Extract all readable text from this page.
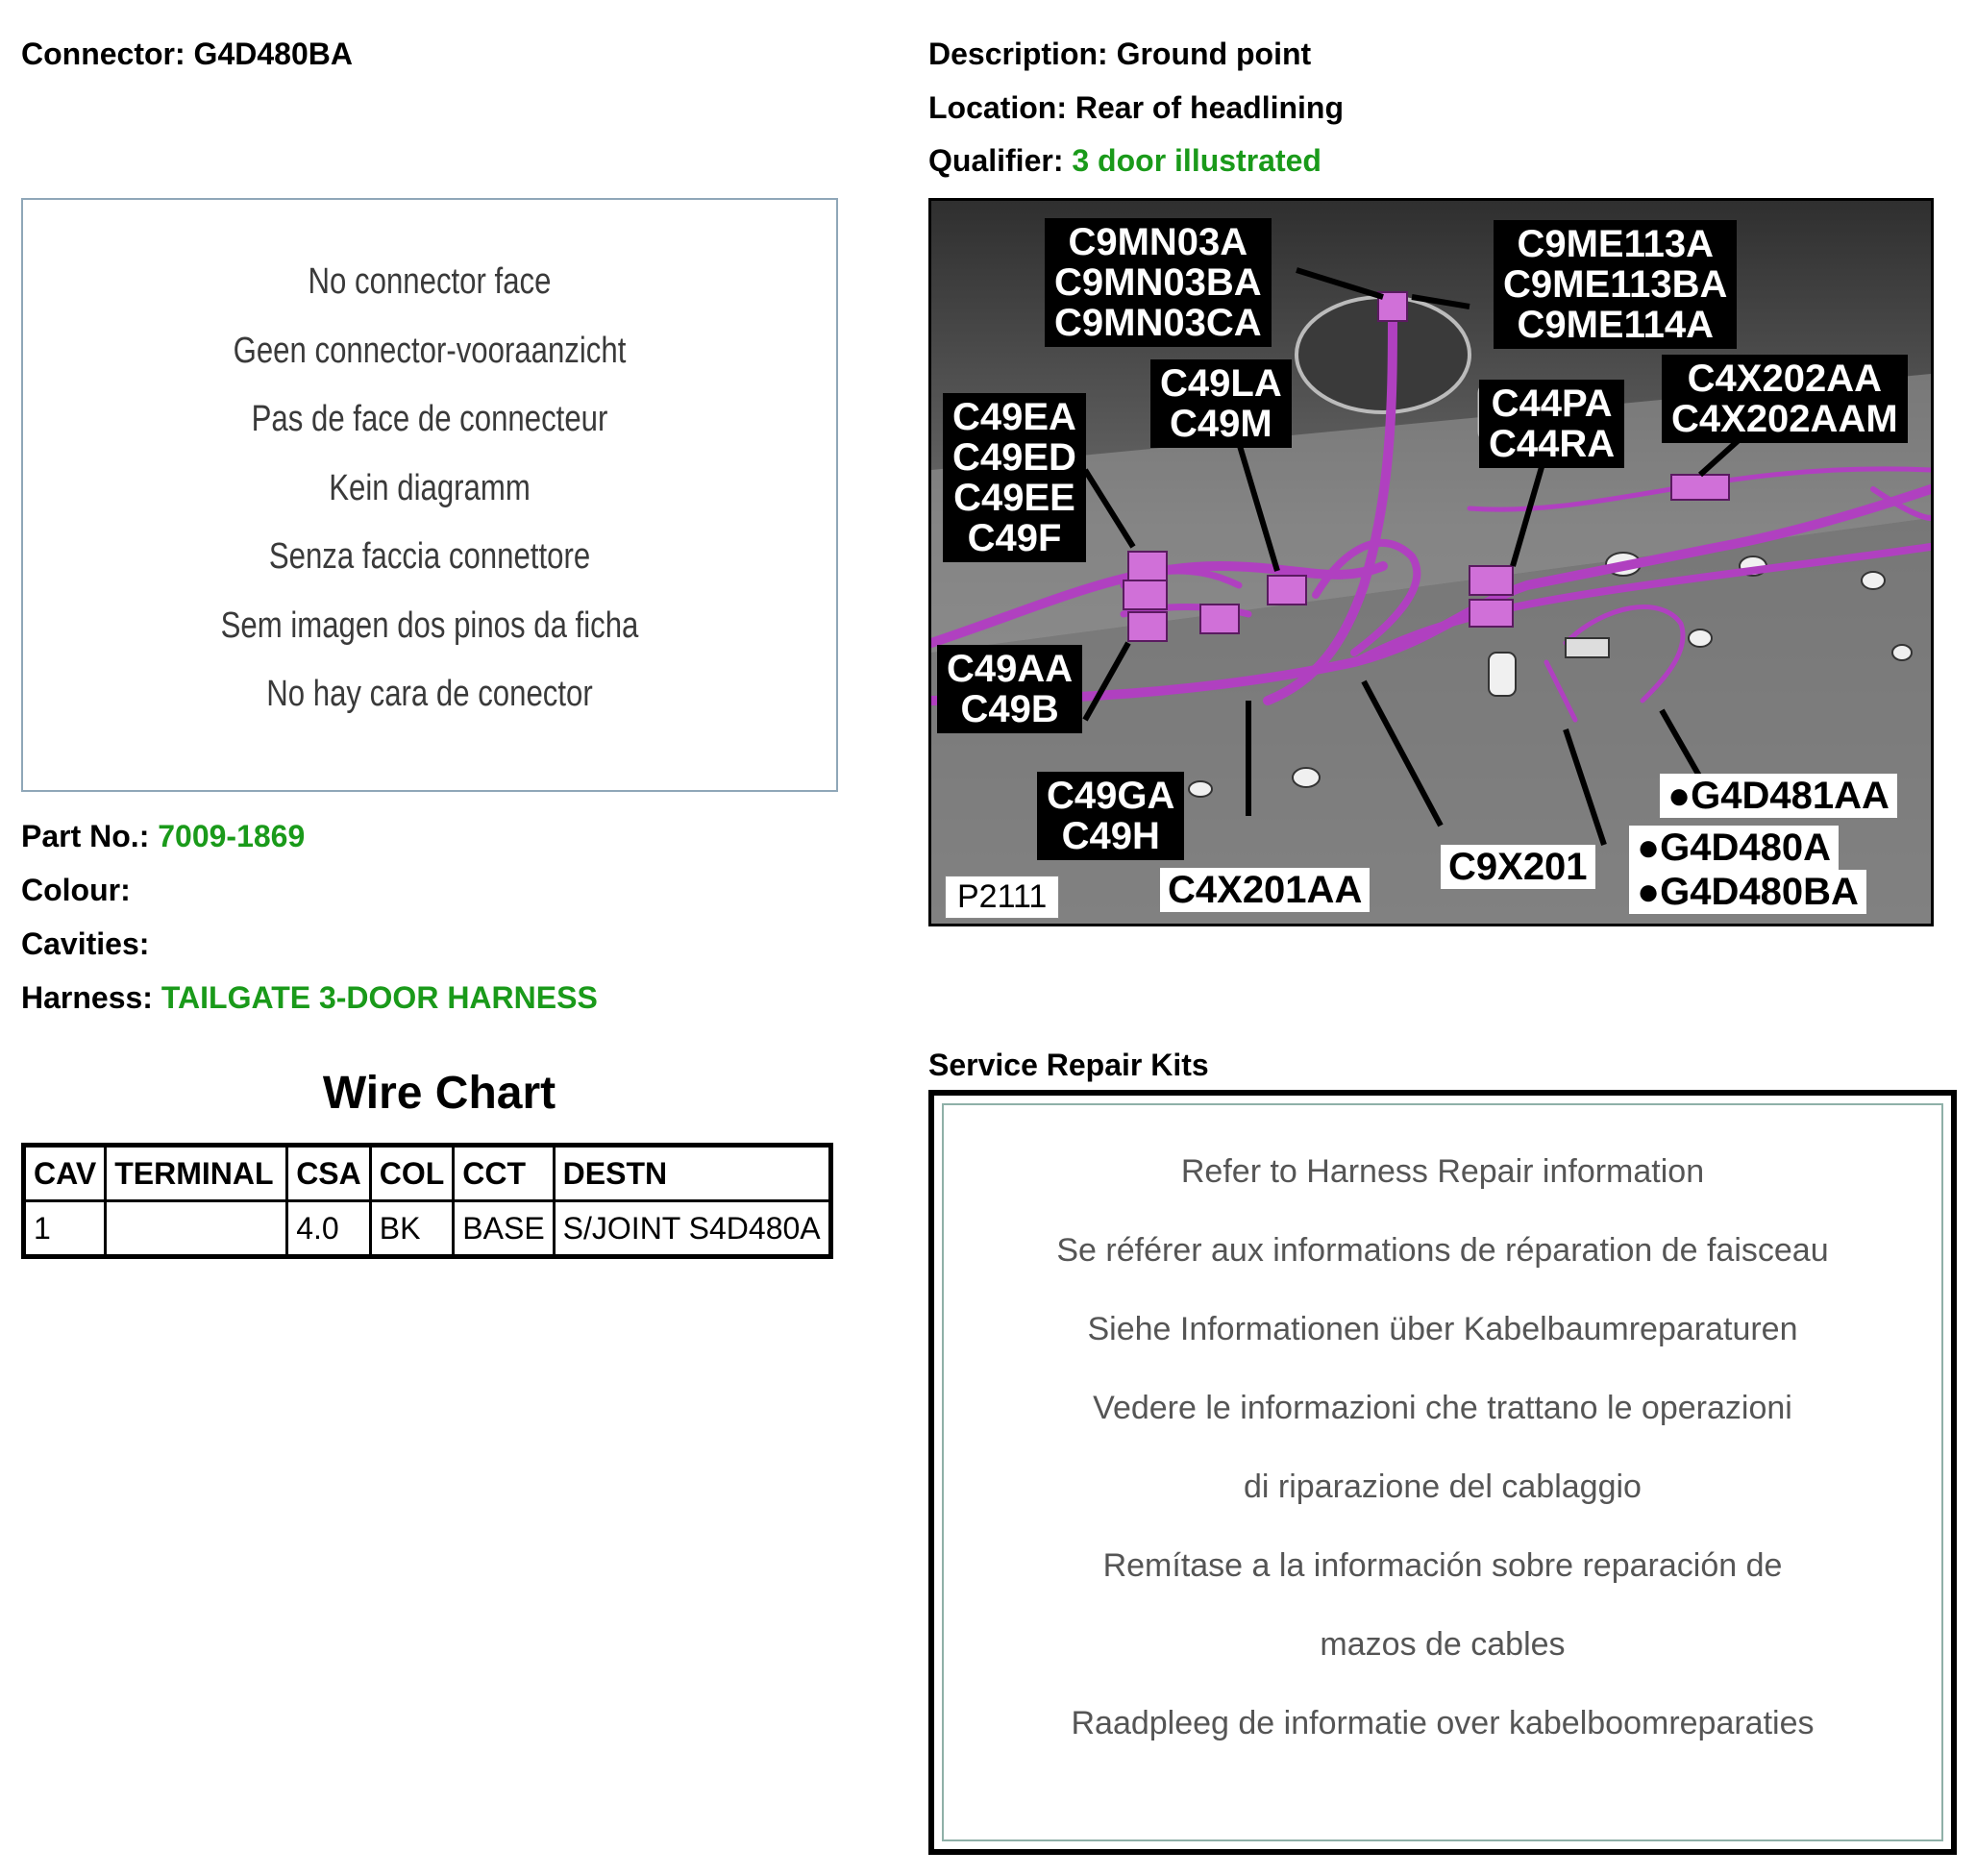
Connector: G4D480BA
No connector face
Geen connector-vooraanzicht
Pas de face de connecteur
Kein diagramm
Senza faccia connettore
Sem imagen dos pinos da ficha
No hay cara de conector
Part No.: 7009-1869
Colour:
Cavities:
Harness: TAILGATE 3-DOOR HARNESS
Wire Chart
CAV	TERMINAL	CSA	COL	CCT	DESTN
1		4.0	BK	BASE	S/JOINT S4D480A
Description: Ground point
Location: Rear of headlining
Qualifier: 3 door illustrated
C9MN03A
C9MN03BA
C9MN03CA
C9ME113A
C9ME113BA
C9ME114A
C49LA
C49M	C44PA
C44RA
C4X202AA
C4X202AAM
C49EA
C49ED
C49EE
C49F
C49AA
C49B
C49GA
C49H
C4X201AA
C9X201
●G4D481AA
●G4D480A
●G4D480BA
P2111
Service Repair Kits
Refer to Harness Repair information
Se référer aux informations de réparation de faisceau
Siehe Informationen über Kabelbaumreparaturen
Vedere le informazioni che trattano le operazioni
di riparazione del cablaggio
Remítase a la información sobre reparación de
mazos de cables
Raadpleeg de informatie over kabelboomreparaties
